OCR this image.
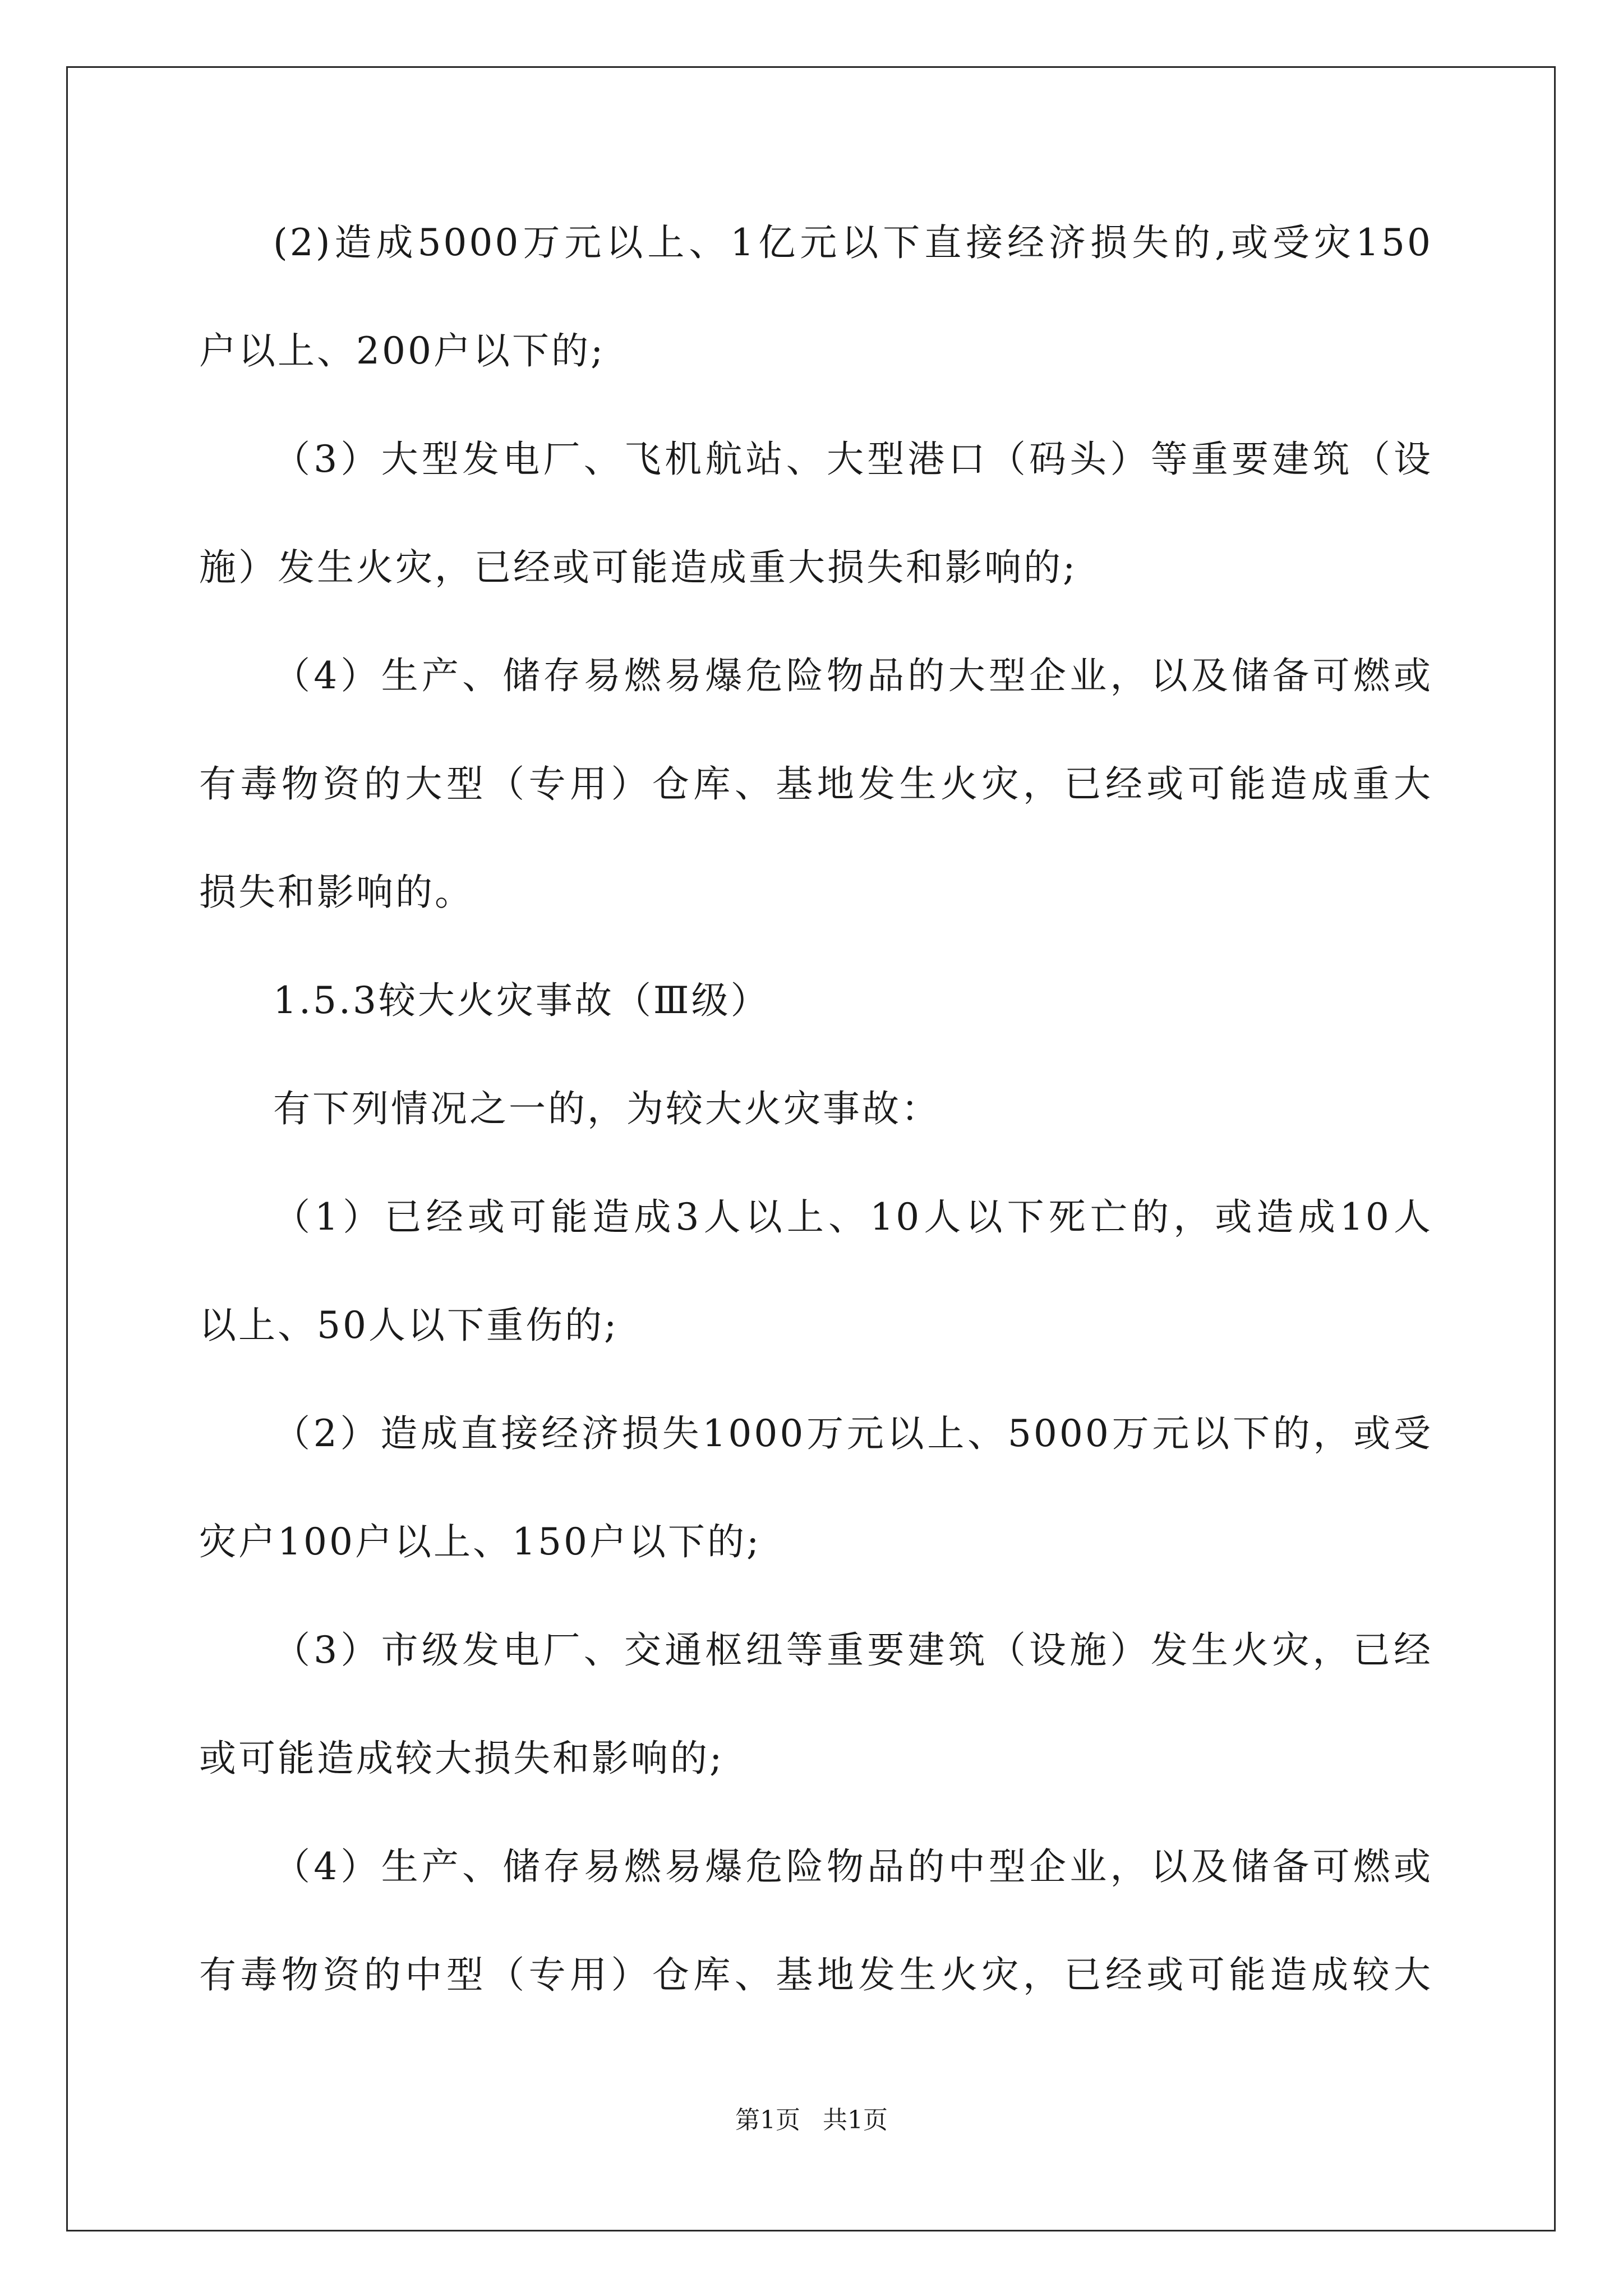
(2)造成5000万元以上、1亿元以下直接经济损失的,或受灾150
户以上、200户以下的;
（3）大型发电厂、飞机航站、大型港口（码头）等重要建筑（设
施）发生火灾，已经或可能造成重大损失和影响的;
（4）生产、储存易燃易爆危险物品的大型企业，以及储备可燃或
有毒物资的大型（专用）仓库、基地发生火灾，已经或可能造成重大
损失和影响的。
1.5.3较大火灾事故（Ⅲ级）
有下列情况之一的，为较大火灾事故：
（1）已经或可能造成3人以上、10人以下死亡的，或造成10人
以上、50人以下重伤的;
（2）造成直接经济损失1000万元以上、5000万元以下的，或受
灾户100户以上、150户以下的;
（3）市级发电厂、交通枢纽等重要建筑（设施）发生火灾，已经
或可能造成较大损失和影响的;
（4）生产、储存易燃易爆危险物品的中型企业，以及储备可燃或
有毒物资的中型（专用）仓库、基地发生火灾，已经或可能造成较大
第1页 共1页
